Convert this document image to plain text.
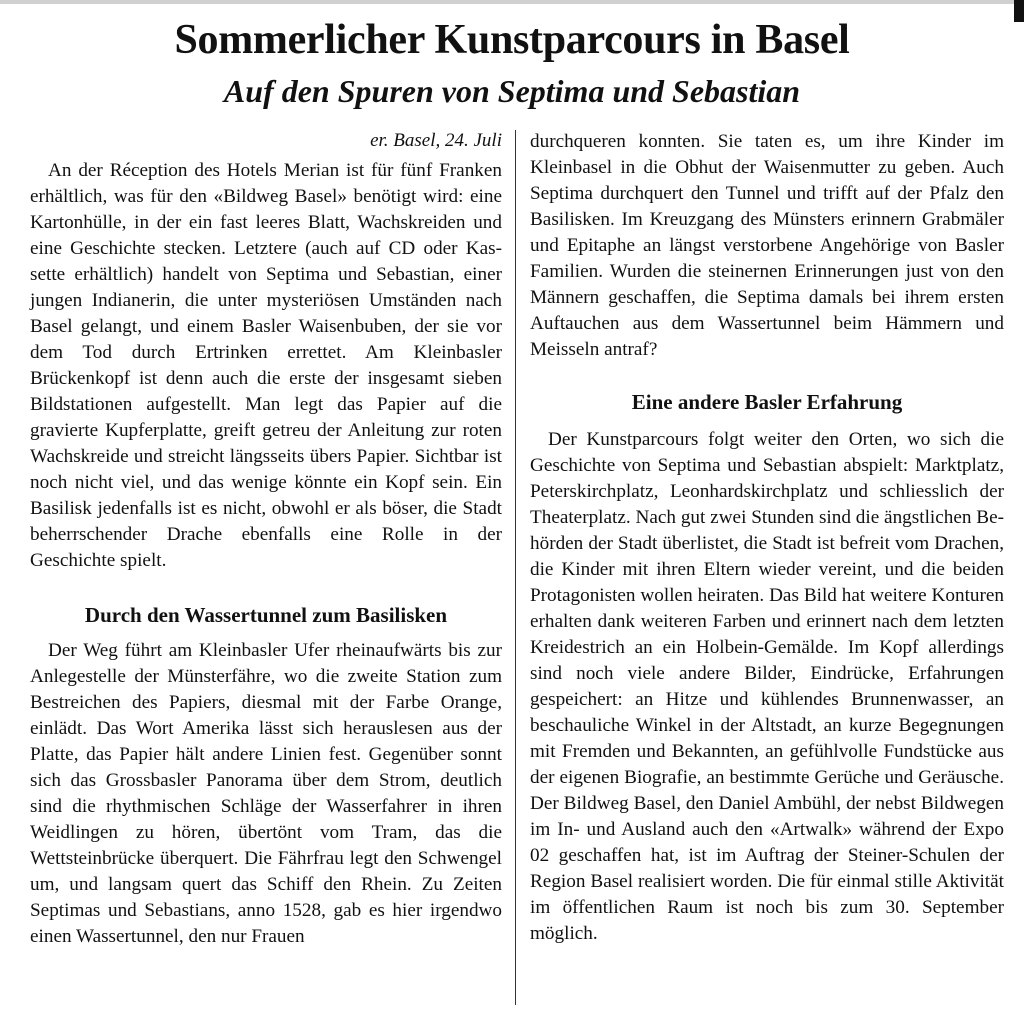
Sommerlicher Kunstparcours in Basel
Auf den Spuren von Septima und Sebastian
er. Basel, 24. Juli

An der Réception des Hotels Merian ist für fünf Franken erhältlich, was für den «Bildweg Basel» benötigt wird: eine Kartonhülle, in der ein fast leeres Blatt, Wachskreiden und eine Geschichte stecken. Letztere (auch auf CD oder Kassette erhältlich) handelt von Septima und Sebastian, einer jungen Indianerin, die unter mysteriösen Umständen nach Basel gelangt, und einem Basler Waisenbuben, der sie vor dem Tod durch Ertrinken errettet. Am Kleinbasler Brückenkopf ist denn auch die erste der insgesamt sieben Bildstationen aufgestellt. Man legt das Papier auf die gravierte Kupferplatte, greift getreu der Anleitung zur roten Wachskreide und streicht längsseits übers Papier. Sichtbar ist noch nicht viel, und das wenige könnte ein Kopf sein. Ein Basilisk jedenfalls ist es nicht, obwohl er als böser, die Stadt beherrschender Drache ebenfalls eine Rolle in der Geschichte spielt.

Durch den Wassertunnel zum Basilisken

Der Weg führt am Kleinbasler Ufer rheinaufwärts bis zur Anlegestelle der Münsterfähre, wo die zweite Station zum Bestreichen des Papiers, diesmal mit der Farbe Orange, einlädt. Das Wort Amerika lässt sich herauslesen aus der Platte, das Papier hält andere Linien fest. Gegenüber sonnt sich das Grossbasler Panorama über dem Strom, deutlich sind die rhythmischen Schläge der Wasserfahrer in ihren Weidlingen zu hören, übertönt vom Tram, das die Wettsteinbrücke überquert. Die Fährfrau legt den Schwengel um, und langsam quert das Schiff den Rhein. Zu Zeiten Septimas und Sebastians, anno 1528, gab es hier irgendwo einen Wassertunnel, den nur Frauen

durchqueren konnten. Sie taten es, um ihre Kinder im Kleinbasel in die Obhut der Waisenmutter zu geben. Auch Septima durchquert den Tunnel und trifft auf der Pfalz den Basilisken. Im Kreuzgang des Münsters erinnern Grabmäler und Epitaphe an längst verstorbene Angehörige von Basler Familien. Wurden die steinernen Erinnerungen just von den Männern geschaffen, die Septima damals bei ihrem ersten Auftauchen aus dem Wassertunnel beim Hämmern und Meisseln antraf?

Eine andere Basler Erfahrung

Der Kunstparcours folgt weiter den Orten, wo sich die Geschichte von Septima und Sebastian abspielt: Marktplatz, Peterskirchplatz, Leonhardskirchplatz und schliesslich der Theaterplatz. Nach gut zwei Stunden sind die ängstlichen Behörden der Stadt überlistet, die Stadt ist befreit vom Drachen, die Kinder mit ihren Eltern wieder vereint, und die beiden Protagonisten wollen heiraten. Das Bild hat weitere Konturen erhalten dank weiteren Farben und erinnert nach dem letzten Kreidestrich an ein Holbein-Gemälde. Im Kopf allerdings sind noch viele andere Bilder, Eindrücke, Erfahrungen gespeichert: an Hitze und kühlendes Brunnenwasser, an beschauliche Winkel in der Altstadt, an kurze Begegnungen mit Fremden und Bekannten, an gefühlvolle Fundstücke aus der eigenen Biografie, an bestimmte Gerüche und Geräusche. Der Bildweg Basel, den Daniel Ambühl, der nebst Bildwegen im In- und Ausland auch den «Artwalk» während der Expo 02 geschaffen hat, ist im Auftrag der Steiner-Schulen der Region Basel realisiert worden. Die für einmal stille Aktivität im öffentlichen Raum ist noch bis zum 30. September möglich.
